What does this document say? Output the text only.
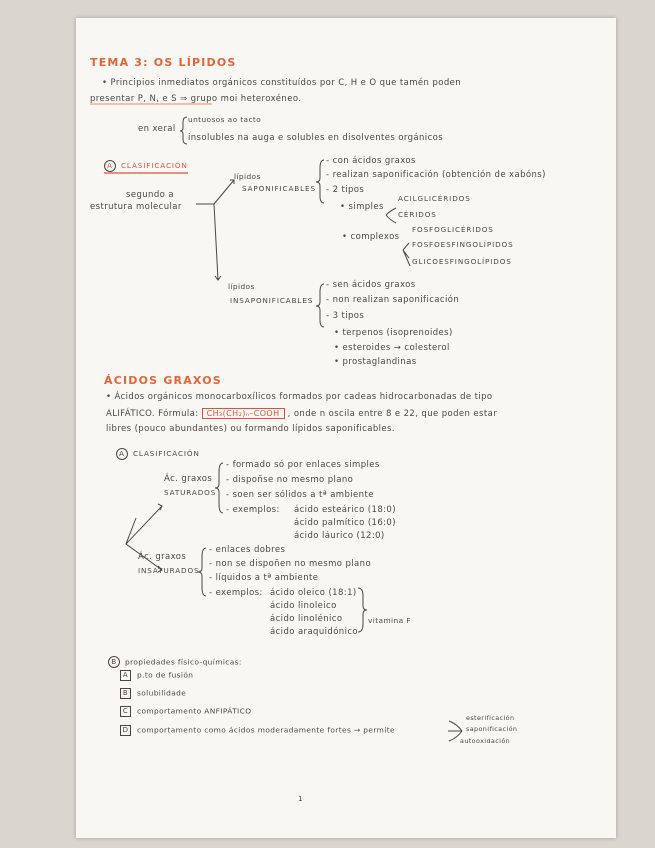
TEMA 3: OS LÍPIDOS
• Principios inmediatos orgánicos constituídos por C, H e O que tamén poden
presentar P, N, e S ⇒ grupo moi heteroxéneo.
en xeral
untuosos ao tacto
insolubles na auga e solubles en disolventes orgánicos
A CLASIFICACIÓN
segundo a
estrutura molecular
lípidos
SAPONIFICABLES
- con ácidos graxos
- realizan saponificación (obtención de xabóns)
- 2 tipos
• simples
ACILGLICÉRIDOS
CÉRIDOS
• complexos
FOSFOGLICÉRIDOS
FOSFOESFINGOLÍPIDOS
GLICOESFINGOLÍPIDOS
lípidos
INSAPONIFICABLES
- sen ácidos graxos
- non realizan saponificación
- 3 tipos
• terpenos (isoprenoides)
• esteroides → colesterol
• prostaglandinas
ÁCIDOS GRAXOS
• Ácidos orgánicos monocarboxílicos formados por cadeas hidrocarbonadas de tipo
ALIFÁTICO. Fórmula: CH₃(CH₂)ₙ–COOH , onde n oscila entre 8 e 22, que poden estar
libres (pouco abundantes) ou formando lípidos saponificables.
A CLASIFICACIÓN
Ác. graxos
SATURADOS
- formado só por enlaces simples
- dispoñse no mesmo plano
- soen ser sólidos a tª ambiente
- exemplos: ácido esteárico (18:0)
ácido palmítico (16:0)
ácido láurico (12:0)
Ác. graxos
INSATURADOS
- enlaces dobres
- non se dispoñen no mesmo plano
- líquidos a tª ambiente
- exemplos: ácido oleico (18:1)
ácido linoleico
ácido linolénico
ácido araquidónico
vitamina F
B propiedades físico-químicas:
A p.to de fusión
B solubilidade
C comportamento ANFIPÁTICO
D comportamento como ácidos moderadamente fortes → permite
esterificación
saponificación
autooxidación
1
